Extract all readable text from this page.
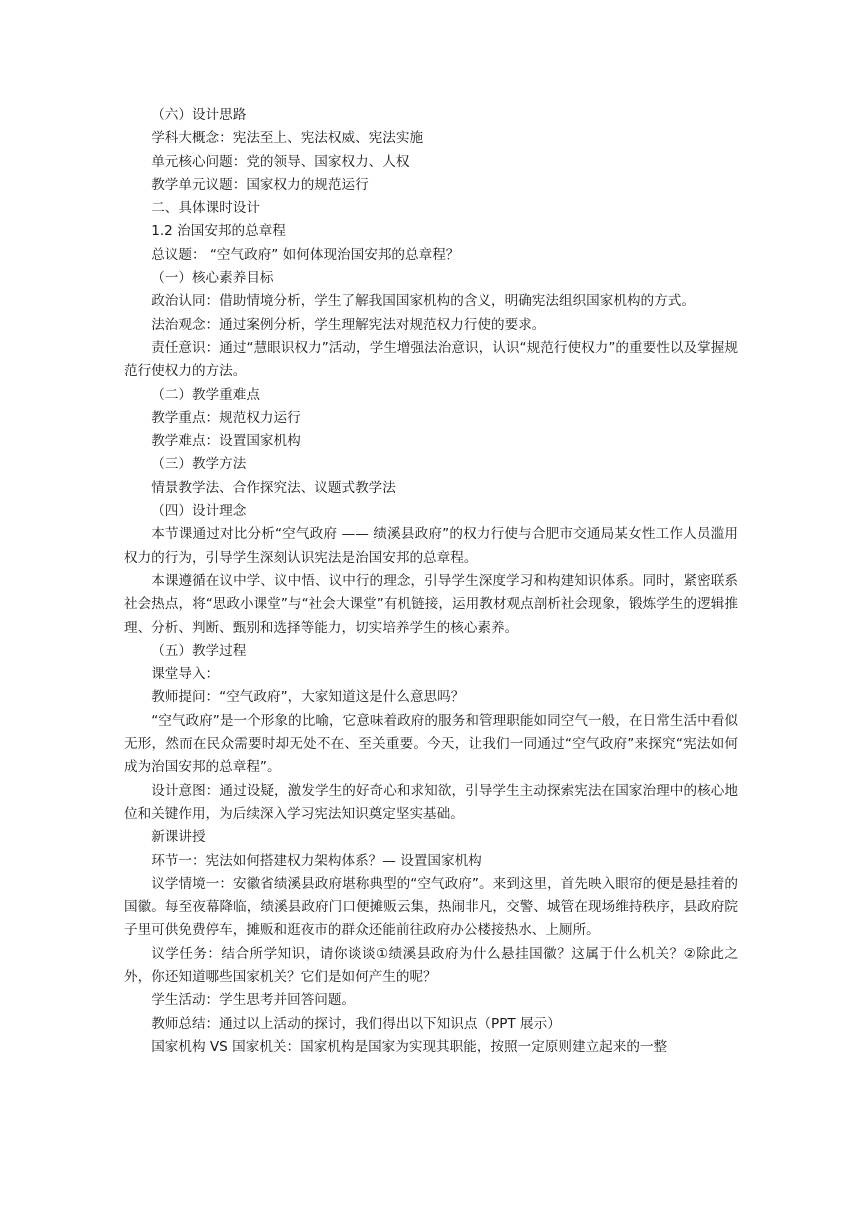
（六）设计思路

学科大概念：宪法至上、宪法权威、宪法实施

单元核心问题：党的领导、国家权力、人权

教学单元议题：国家权力的规范运行

二、具体课时设计

1.2 治国安邦的总章程

总议题： “空气政府” 如何体现治国安邦的总章程？

（一）核心素养目标

政治认同：借助情境分析，学生了解我国国家机构的含义，明确宪法组织国家机构的方式。

法治观念：通过案例分析，学生理解宪法对规范权力行使的要求。

责任意识：通过“慧眼识权力”活动，学生增强法治意识，认识“规范行使权力”的重要性以及掌握规范行使权力的方法。

（二）教学重难点

教学重点：规范权力运行

教学难点：设置国家机构

（三）教学方法

情景教学法、合作探究法、议题式教学法

（四）设计理念

本节课通过对比分析“空气政府 —— 绩溪县政府”的权力行使与合肥市交通局某女性工作人员滥用权力的行为，引导学生深刻认识宪法是治国安邦的总章程。

本课遵循在议中学、议中悟、议中行的理念，引导学生深度学习和构建知识体系。同时，紧密联系社会热点，将“思政小课堂”与“社会大课堂”有机链接，运用教材观点剖析社会现象，锻炼学生的逻辑推理、分析、判断、甄别和选择等能力，切实培养学生的核心素养。

（五）教学过程

课堂导入：

教师提问：“空气政府”，大家知道这是什么意思吗？

“空气政府”是一个形象的比喻，它意味着政府的服务和管理职能如同空气一般，在日常生活中看似无形，然而在民众需要时却无处不在、至关重要。今天，让我们一同通过“空气政府”来探究“宪法如何成为治国安邦的总章程”。

设计意图：通过设疑，激发学生的好奇心和求知欲，引导学生主动探索宪法在国家治理中的核心地位和关键作用，为后续深入学习宪法知识奠定坚实基础。

新课讲授

环节一：宪法如何搭建权力架构体系？— 设置国家机构

议学情境一：安徽省绩溪县政府堪称典型的“空气政府”。来到这里，首先映入眼帘的便是悬挂着的国徽。每至夜幕降临，绩溪县政府门口便摊贩云集，热闹非凡，交警、城管在现场维持秩序，县政府院子里可供免费停车，摊贩和逛夜市的群众还能前往政府办公楼接热水、上厕所。

议学任务：结合所学知识，请你谈谈①绩溪县政府为什么悬挂国徽？这属于什么机关？②除此之外，你还知道哪些国家机关？它们是如何产生的呢？

学生活动：学生思考并回答问题。

教师总结：通过以上活动的探讨，我们得出以下知识点（PPT 展示）

国家机构 VS 国家机关：国家机构是国家为实现其职能，按照一定原则建立起来的一整
